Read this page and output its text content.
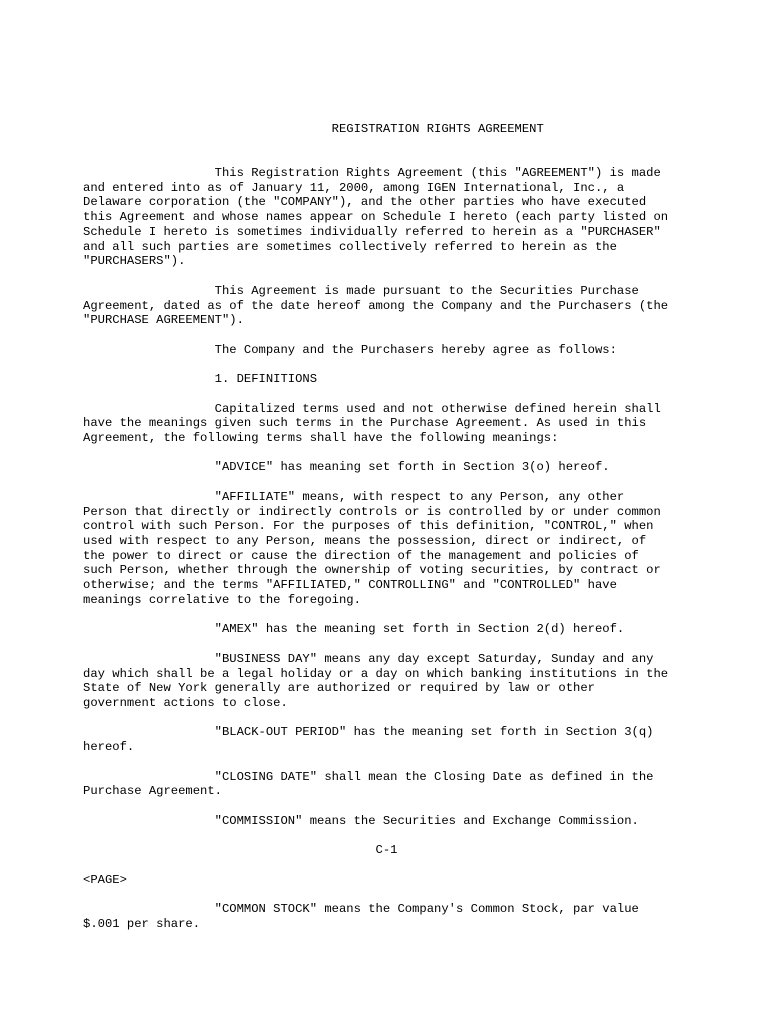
REGISTRATION RIGHTS AGREEMENT
This Registration Rights Agreement (this "AGREEMENT") is made
and entered into as of January 11, 2000, among IGEN International, Inc., a
Delaware corporation (the "COMPANY"), and the other parties who have executed
this Agreement and whose names appear on Schedule I hereto (each party listed on
Schedule I hereto is sometimes individually referred to herein as a "PURCHASER"
and all such parties are sometimes collectively referred to herein as the
"PURCHASERS").
This Agreement is made pursuant to the Securities Purchase
Agreement, dated as of the date hereof among the Company and the Purchasers (the
"PURCHASE AGREEMENT").
The Company and the Purchasers hereby agree as follows:
1. DEFINITIONS
Capitalized terms used and not otherwise defined herein shall
have the meanings given such terms in the Purchase Agreement. As used in this
Agreement, the following terms shall have the following meanings:
"ADVICE" has meaning set forth in Section 3(o) hereof.
"AFFILIATE" means, with respect to any Person, any other
Person that directly or indirectly controls or is controlled by or under common
control with such Person. For the purposes of this definition, "CONTROL," when
used with respect to any Person, means the possession, direct or indirect, of
the power to direct or cause the direction of the management and policies of
such Person, whether through the ownership of voting securities, by contract or
otherwise; and the terms "AFFILIATED," CONTROLLING" and "CONTROLLED" have
meanings correlative to the foregoing.
"AMEX" has the meaning set forth in Section 2(d) hereof.
"BUSINESS DAY" means any day except Saturday, Sunday and any
day which shall be a legal holiday or a day on which banking institutions in the
State of New York generally are authorized or required by law or other
government actions to close.
"BLACK-OUT PERIOD" has the meaning set forth in Section 3(q)
hereof.
"CLOSING DATE" shall mean the Closing Date as defined in the
Purchase Agreement.
"COMMISSION" means the Securities and Exchange Commission.
C-1
<PAGE>
"COMMON STOCK" means the Company's Common Stock, par value
$.001 per share.
